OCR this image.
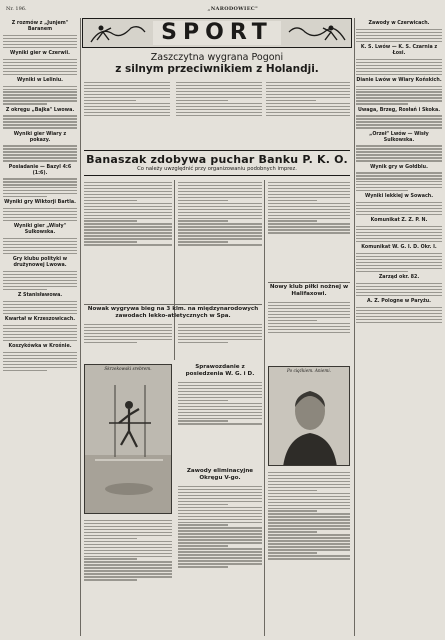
Nr. 196.	„NARODOWIEC"
Z rozmów z „Junjem" Baranem
Wyniki gier w Czerwii.
Wyniki w Leliniu.
Z okręgu „Bajka" Lwowa.
Wyniki gier Wiary z pokazy.
Posiadanie — Bazyl 4:6 (1:6).
Wyniki gry Wiktorji Bartla.
Wyniki gier „Wisły" Sulkowska.
Gry klubu polityki w drużynowej Lwowa.
Z Stanisławowa.
Kwartał w Krzeszowicach.
Koszykówka w Krośnie.
Zawody w Czerwicach.
K. S. Lwów — K. S. Czarnia z Łosi.
Dianie Lwów w Wiary Końskich.
Uwaga, Brzeg, Rosłań i Skoka.
„Orzeł" Lwów — Wisły Sulkowska.
Wynik gry w Gołdblu.
Wyniki lekkiej w Sowach.
Komunikat Z. Z. P. N.
Komunikat W. G. I. D. Okr. I.
Zarząd okr. 82.
A. Z. Pologne w Paryżu.
SPORT
Zaszczytna wygrana Pogoni
z silnym przeciwnikiem z Holandji.
Banaszak zdobywa puchar Banku P. K. O.
Co należy uwzględnić przy organizowaniu podobnych imprez.
Nowak wygrywa bieg na 3 klm. na międzynarodowych zawodach lekko-atletycznych w Spa.
Nowy klub piłki nożnej w Halifaxowi.
Skrzekowski srebrem.	Sprawozdanie z posiedzenia W. G. i D.	Po ciężkiem. Aniemi.
Zawody eliminacyjne Okręgu V-go.
